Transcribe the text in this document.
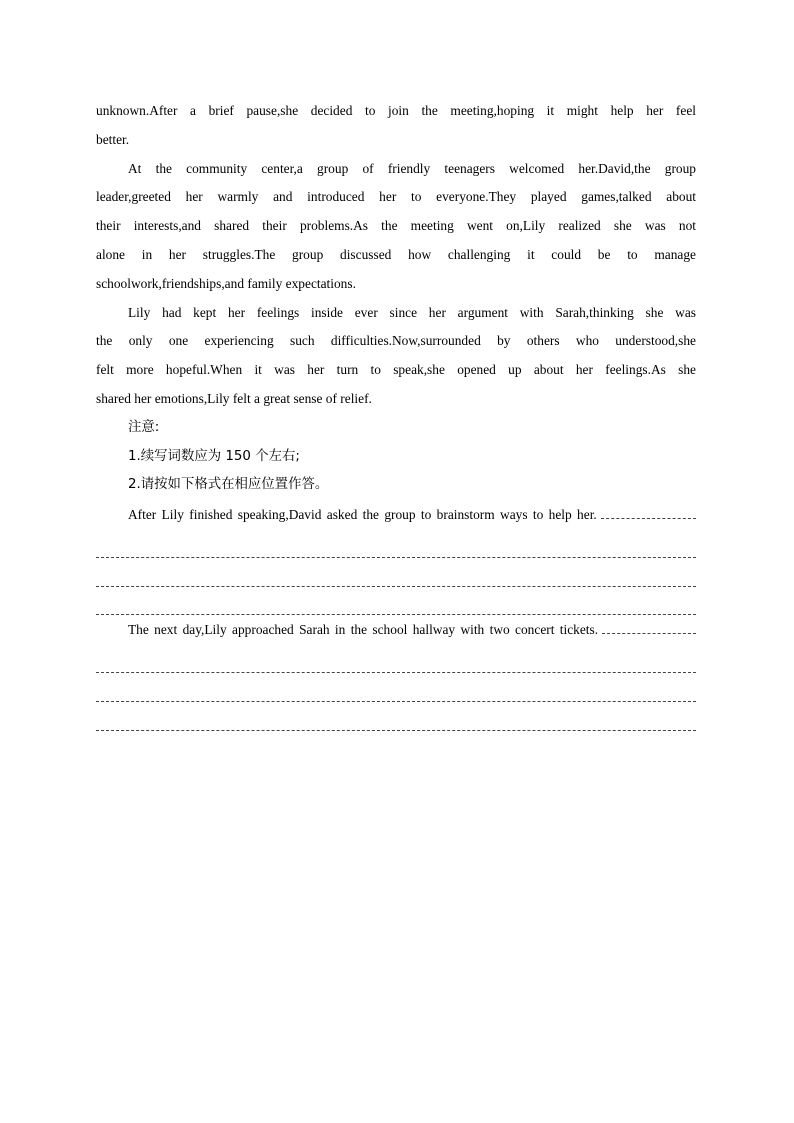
unknown.After a brief pause,she decided to join the meeting,hoping it might help her feel
better.
At the community center,a group of friendly teenagers welcomed her.David,the group
leader,greeted her warmly and introduced her to everyone.They played games,talked about
their interests,and shared their problems.As the meeting went on,Lily realized she was not
alone in her struggles.The group discussed how challenging it could be to manage
schoolwork,friendships,and family expectations.
Lily had kept her feelings inside ever since her argument with Sarah,thinking she was
the only one experiencing such difficulties.Now,surrounded by others who understood,she
felt more hopeful.When it was her turn to speak,she opened up about her feelings.As she
shared her emotions,Lily felt a great sense of relief.
注意:
1.续写词数应为 150 个左右;
2.请按如下格式在相应位置作答。
After Lily finished speaking,David asked the group to brainstorm ways to help her.
The next day,Lily approached Sarah in the school hallway with two concert tickets.
